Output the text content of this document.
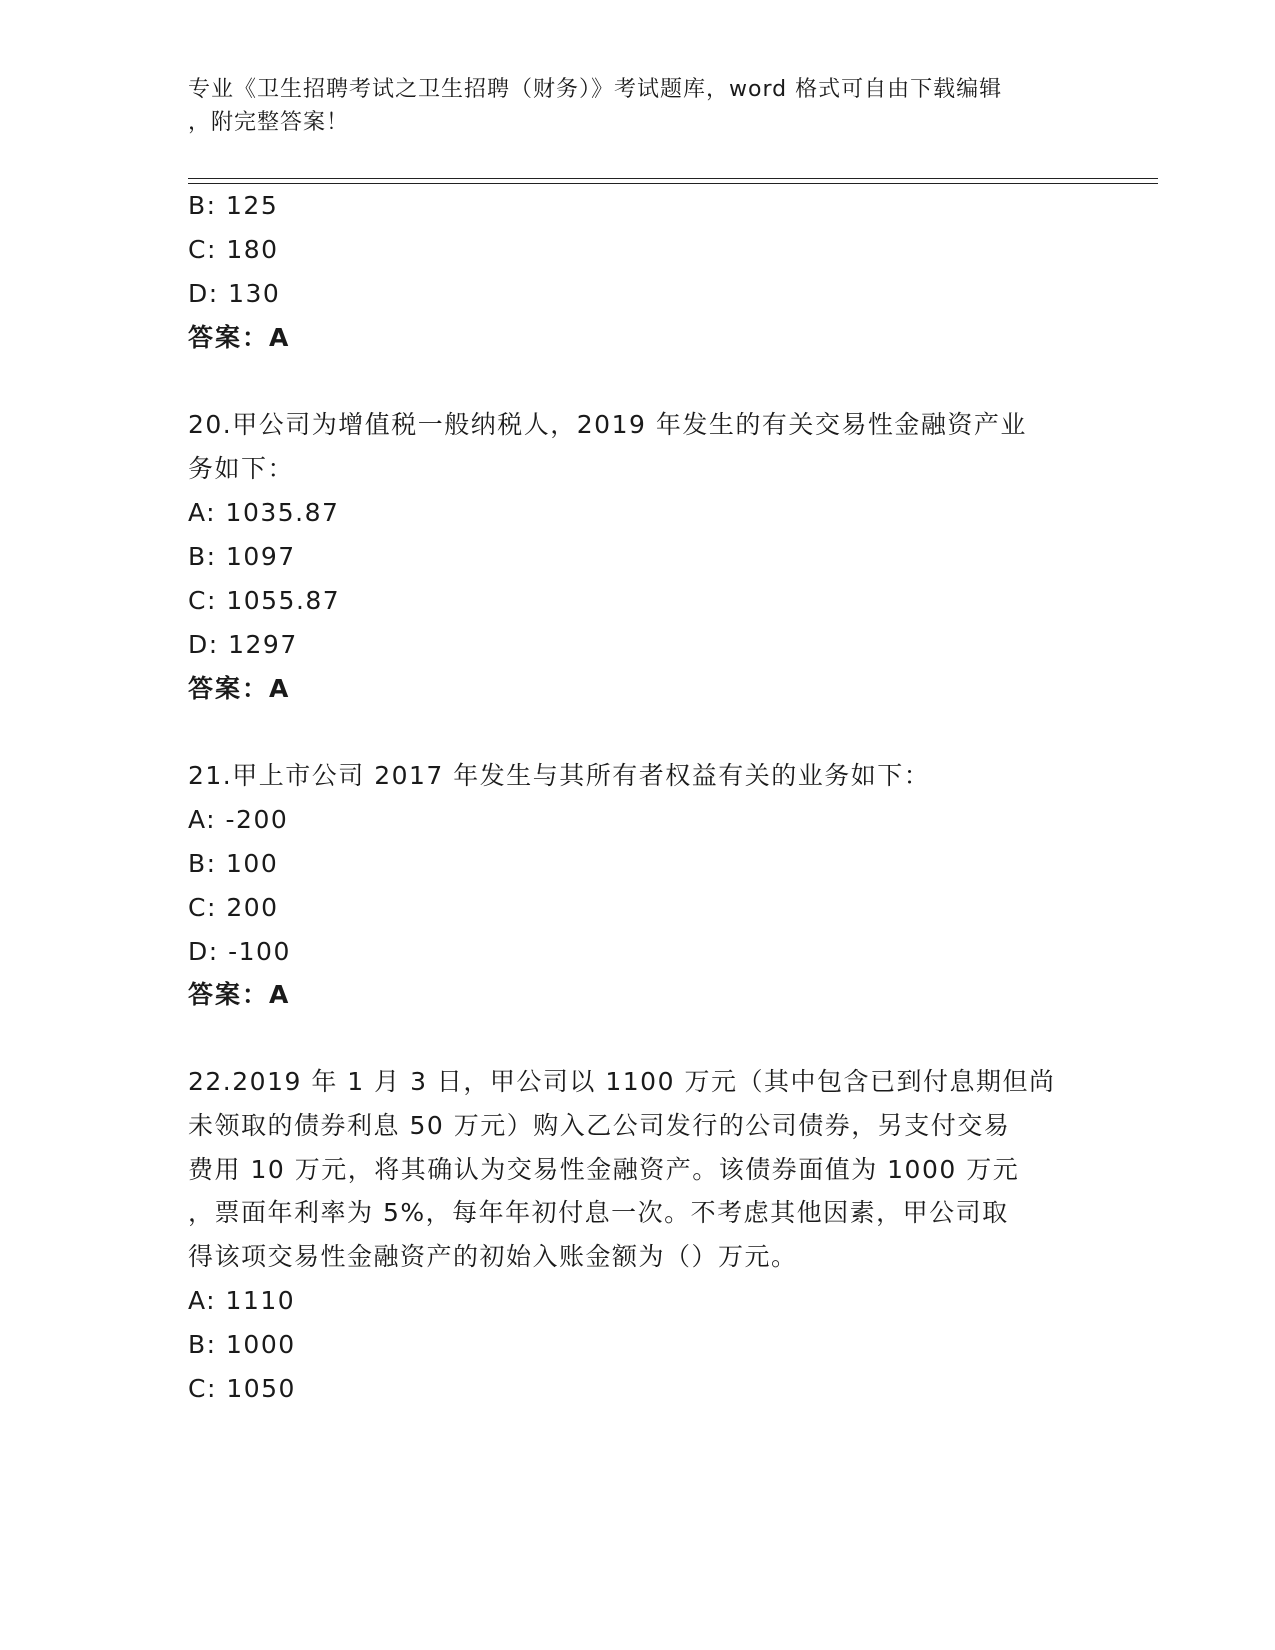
专业《卫生招聘考试之卫生招聘（财务）》考试题库，word 格式可自由下载编辑
，附完整答案！
B: 125
C: 180
D: 130
答案：A
20.甲公司为增值税一般纳税人，2019 年发生的有关交易性金融资产业
务如下：
A: 1035.87
B: 1097
C: 1055.87
D: 1297
答案：A
21.甲上市公司 2017 年发生与其所有者权益有关的业务如下：
A: -200
B: 100
C: 200
D: -100
答案：A
22.2019 年 1 月 3 日，甲公司以 1100 万元（其中包含已到付息期但尚
未领取的债券利息 50 万元）购入乙公司发行的公司债券，另支付交易
费用 10 万元，将其确认为交易性金融资产。该债券面值为 1000 万元
，票面年利率为 5%，每年年初付息一次。不考虑其他因素，甲公司取
得该项交易性金融资产的初始入账金额为（）万元。
A: 1110
B: 1000
C: 1050
